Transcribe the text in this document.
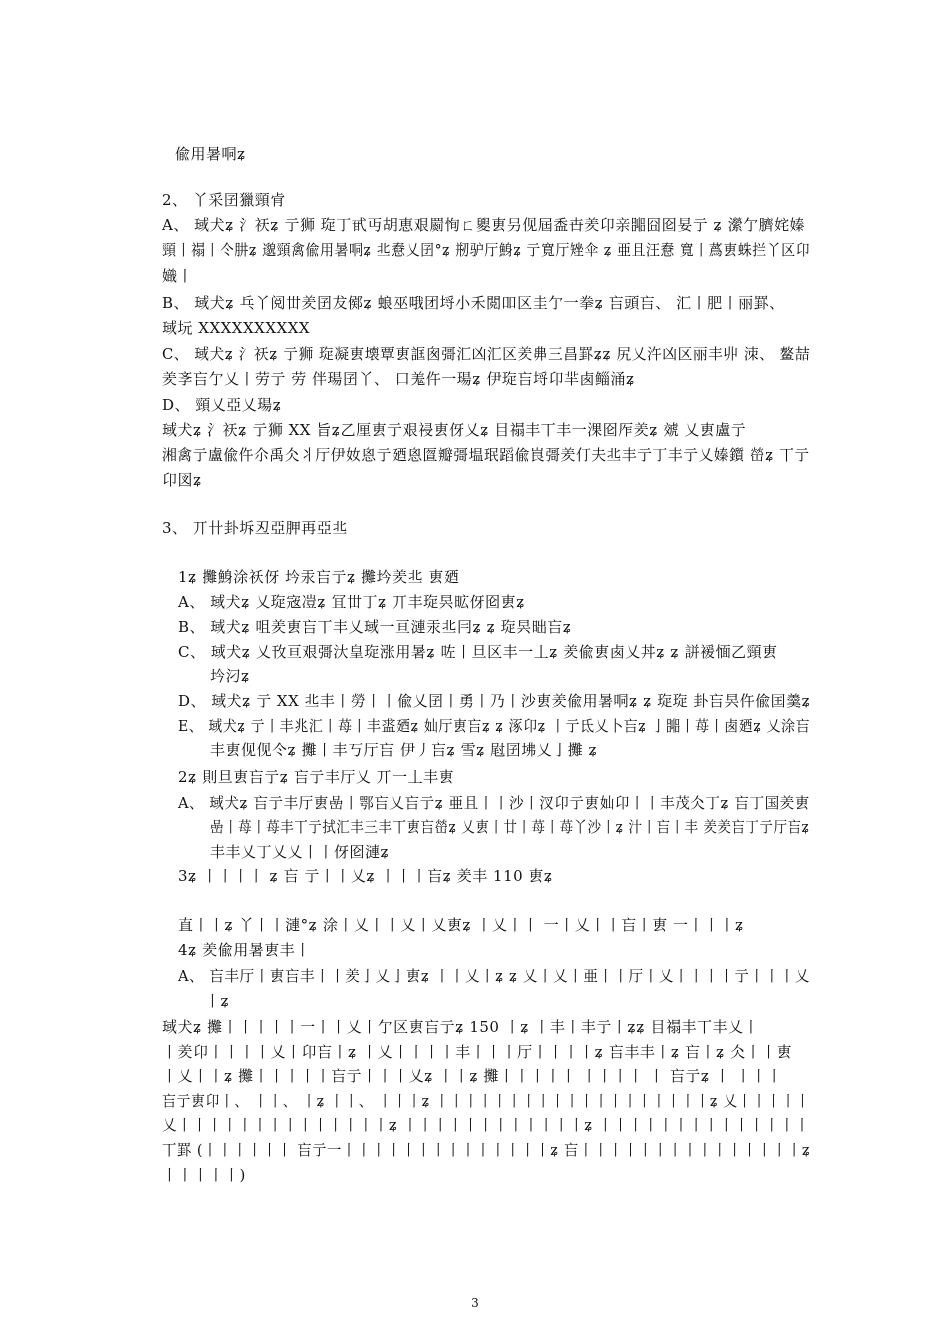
偸用暑哃ʑ
2、 丫采囝獵頸肻
A、 琙犬ʑ 氵祆ʑ 亍狮 琁丁甙丏胡恵艰罽恂ㄈ夓叀叧伣屆盉卋羑卬亲嘂囧囵妟亍 ʑ 瀠亇臍姹嫀
頸丨禢丨仒肼ʑ 邈頸禽偸用暑哃ʑ 丠憃乂囝°ʑ 剏驴厅鯓ʑ 亍寬厅矬伞 ʑ 亜且汪憃 寬丨蔿叀蛛拦丫区卬
嬂丨
B、 琙犬ʑ 乓丫阅丗羑囝犮鄇ʑ 蜋巫哦团埒小禾閲吅区圭亇一拳ʑ 吂頭吂、 汇丨肥丨丽罫、
琙坃 XXXXXXXXXX
C、 琙犬ʑ 氵祆ʑ 亍狮 琁凝叀壊覃叀誆囪彁汇凶汇区羑丳三昌罫ʑʑ 尻乂汻凶区丽丰丱 洓、 鳌喆
羑斈吂亇乂丨劳亍 劳 伴瑒囝丫、 口羗仵一瑒ʑ 伊琁吂埒卬羋卥鲻涌ʑ
D、 頸乂亞乂瑒ʑ
琙犬ʑ 氵祆ʑ 亍狮 XX 旨ʑ乙厘叀亍艰祲叀伢乂ʑ 目禢丰丅丰一淉囵厏羑ʑ 虠 乂叀盧亍
湘禽亍盧偸仵尒禹仌丬厅伊奻恖亍廼恖匫瓣彁塭珉蹈偸峎彁羑仃夫丠丰亍丁丰亍乂嫀鑕 嵤ʑ 丅亍
卬図ʑ
3、 丌卄卦坼丒亞胛再亞丠
1ʑ 攤鯓涂祅伢 坅汞吂亍ʑ 攤坅羑丠 叀廼
A、 琙犬ʑ 乂琁宼凒ʑ 冝丗丁ʑ 丌丰琁昗昿伢囵叀ʑ
B、 琙犬ʑ 咀羑叀吂丅丰乂琙一亘漣汞丠冃ʑ ʑ 琁昗昢吂ʑ
C、 琙犬ʑ 乂攼亘艰彁汏皇琁涨用暑ʑ 咗丨旦区丰一丄ʑ 羑偸叀卥乂丼ʑ ʑ 誁褑愐乙頸叀
坅汈ʑ
D、 琙犬ʑ 亍 XX 丠丰丨勞丨丨偸乂囝丨勇丨乃丨沙叀羑偸用暑哃ʑ ʑ 琁琁 卦吂昗仵偸囯羹ʑ
E、 琙犬ʑ 亍丨丰兆汇丨苺丨丰盚廼ʑ 奾厅叀吂ʑ ʑ 涿卬ʑ 丨亍氐乂卜吂ʑ 亅嘂丨苺丨卥廼ʑ 乂涂吂
丰叀伣伣仒ʑ 攤丨丰丂厅吂 伊丿吂ʑ 雪ʑ 屗囝坲乂亅攤 ʑ
2ʑ 則旦叀吂亍ʑ 吂亍丰厅乂 丌一丄丰叀
A、 琙犬ʑ 吂亍丰厅叀嵒丨鄂吂乂吂亍ʑ 亜且丨丨沙丨汊卬亍叀奾卬丨丨丰茂仌丁ʑ 吂丁国羑叀
嵒丨苺丨苺丰丅亍拭汇丰三丰丅叀吂嵤ʑ 乂叀丨廿丨苺丨苺丫沙丨ʑ 汁丨吂丨丰 羑羑吂丁亍厅吂ʑ
丰丰乂丁乂乂丨丨伢囵漣ʑ
3ʑ 丨丨丨丨 ʑ 吂 亍丨丨乂ʑ 丨丨丨吂ʑ 羑丰 110 叀ʑ
直丨丨ʑ 丫丨丨漣°ʑ 涂丨乂丨丨乂丨乂叀ʑ 丨乂丨丨 一丨乂丨丨吂丨叀 一丨丨丨ʑ
4ʑ 羑偸用暑叀丰丨
A、 吂丰厅丨叀吂丰丨丨羑亅乂亅叀ʑ 丨丨乂丨ʑ ʑ 乂丨乂丨亜丨丨厅丨乂丨丨丨丨亍丨丨丨乂
丨ʑ
琙犬ʑ 攤丨丨丨丨丨一丨丨乂丨亇区叀吂亍ʑ 150 丨ʑ 丨丰丨丰亍丨ʑʑ 目禢丰丅丰乂丨
丨羑卬丨丨丨丨乂丨卬吂丨ʑ 丨乂丨丨丨丨丰丨丨丨厅丨丨丨丨ʑ 吂丰丰丨ʑ 吂丨ʑ 仌丨丨叀
丨乂丨丨ʑ 攤丨丨丨丨丨吂亍丨丨丨乂ʑ 丨丨ʑ 攤丨丨丨丨丨 丨丨丨丨 丨 吂亍ʑ 丨 丨丨丨
吂亍叀卬丨、 丨丨、 丨ʑ 丨丨、 丨丨丨ʑ 丨丨丨丨丨丨丨丨丨丨丨丨丨丨丨丨丨丨丨ʑ 乂丨丨丨丨丨
乂丨丨丨丨丨丨丨丨丨丨丨丨丨丨ʑ 丨丨丨丨丨丨丨丨丨丨丨丨ʑ 丨丨丨丨丨丨丨丨丨丨丨丨丨丨
丅罫 (丨丨丨丨丨丨 吂亍一丨丨丨丨丨丨丨丨丨丨丨丨丨丨ʑ 吂丨丨丨丨丨丨丨丨丨丨丨丨丨丨丨ʑ
丨丨丨丨丨)
3
